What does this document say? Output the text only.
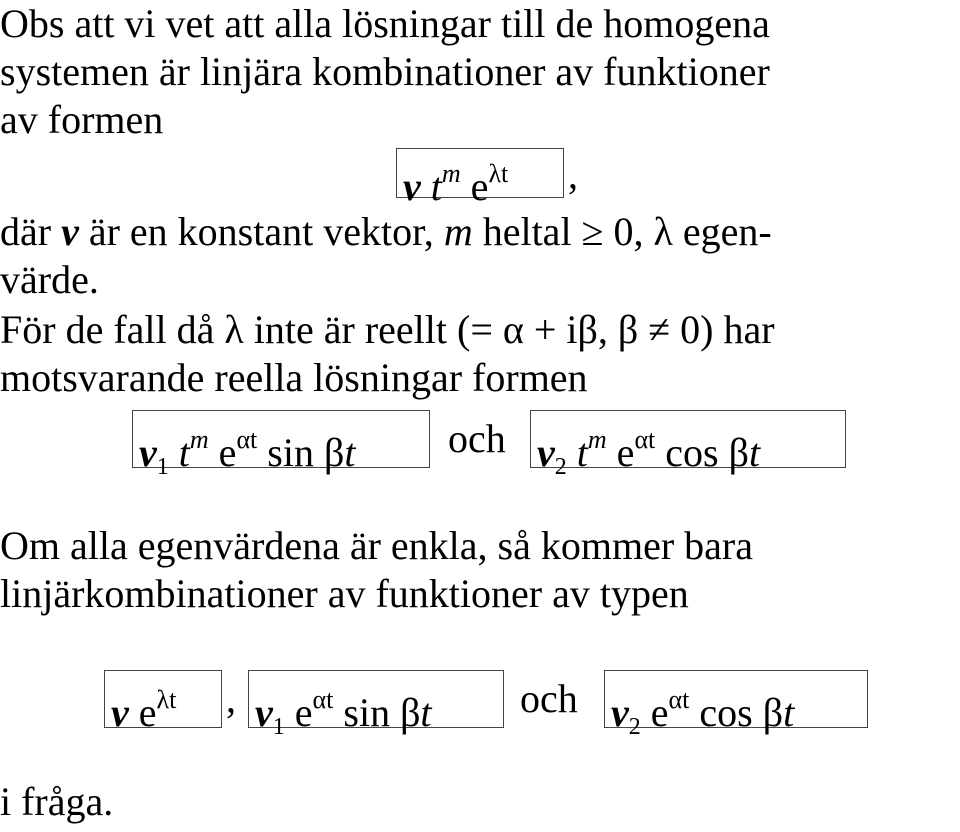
Obs att vi vet att alla lösningar till de homogena
systemen är linjära kombinationer av funktioner
av formen
v $t^m$ $e^{\lambda t}$	,
där v är en konstant vektor, m heltal ≥ 0, λ egen-
värde.
För de fall då λ inte är reellt (= α + iβ, β ≠ 0) har
motsvarande reella lösningar formen
$v_1$ $t^m$ $e^{\alpha t}$ sin βt	och $v_2$ $t^m$ $e^{\alpha t}$ cos βt
Om alla egenvärdena är enkla, så kommer bara
linjärkombinationer av funktioner av typen
v $e^{\lambda t}$	, $v_1$ $e^{\alpha t}$ sin βt	och $v_2$ $e^{\alpha t}$ cos βt
i fråga.
